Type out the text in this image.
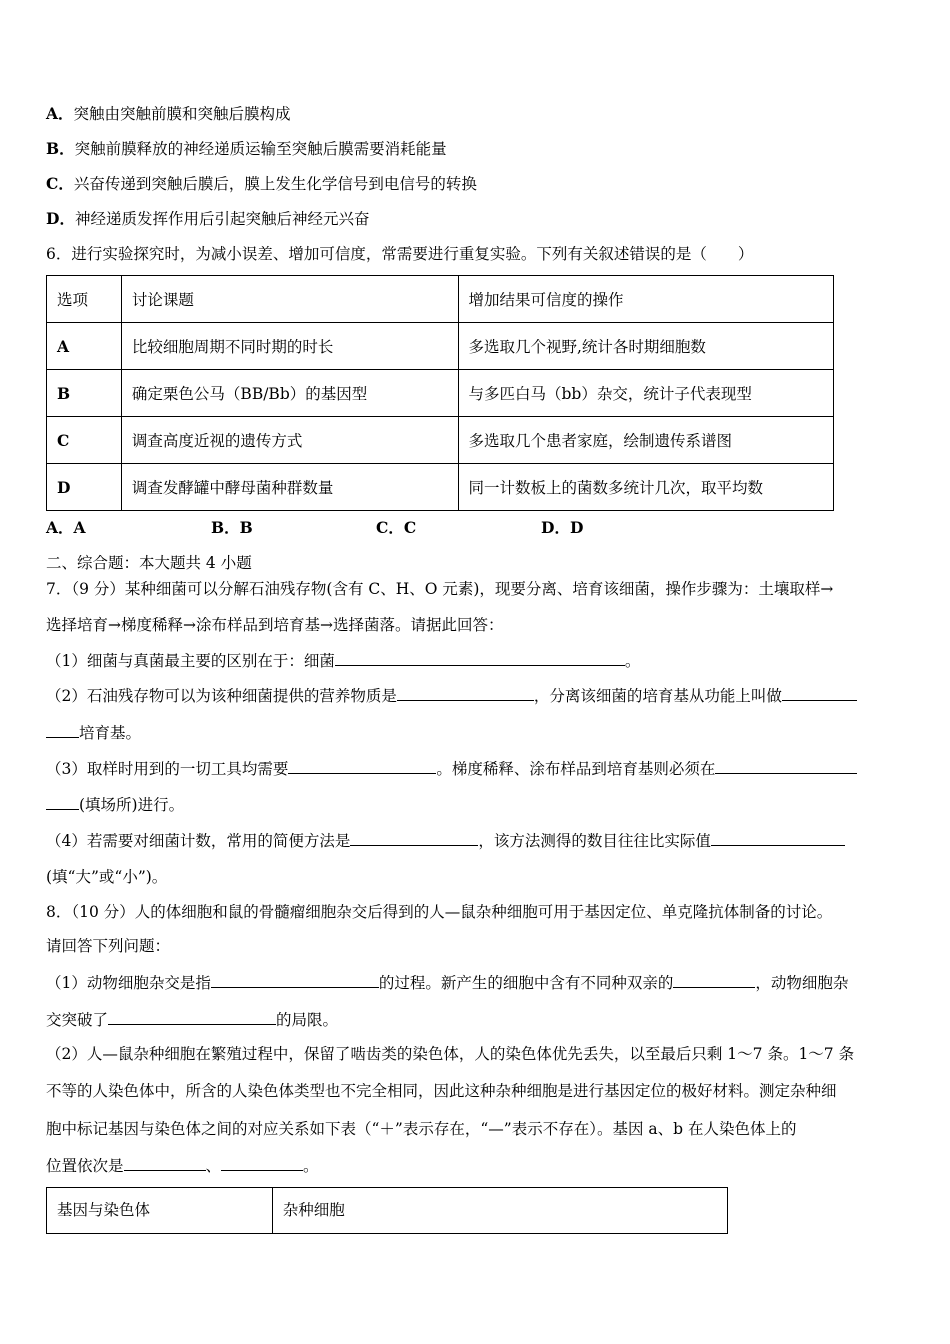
A．突触由突触前膜和突触后膜构成
B．突触前膜释放的神经递质运输至突触后膜需要消耗能量
C．兴奋传递到突触后膜后，膜上发生化学信号到电信号的转换
D．神经递质发挥作用后引起突触后神经元兴奋
6．进行实验探究时，为减小误差、增加可信度，常需要进行重复实验。下列有关叙述错误的是（　　）
选项	讨论课题	增加结果可信度的操作
A	比较细胞周期不同时期的时长	多选取几个视野,统计各时期细胞数
B	确定栗色公马（BB/Bb）的基因型	与多匹白马（bb）杂交，统计子代表现型
C	调查高度近视的遗传方式	多选取几个患者家庭，绘制遗传系谱图
D	调查发酵罐中酵母菌种群数量	同一计数板上的菌数多统计几次，取平均数
A．A	B．B	C．C	D．D
二、综合题：本大题共 4 小题
7．（9 分）某种细菌可以分解石油残存物(含有 C、H、O 元素)，现要分离、培育该细菌，操作步骤为：土壤取样→
选择培育→梯度稀释→涂布样品到培育基→选择菌落。请据此回答：
（1）细菌与真菌最主要的区别在于：细菌	。
（2）石油残存物可以为该种细菌提供的营养物质是	，分离该细菌的培育基从功能上叫做
培育基。
（3）取样时用到的一切工具均需要	。梯度稀释、涂布样品到培育基则必须在
(填场所)进行。
（4）若需要对细菌计数，常用的简便方法是	，该方法测得的数目往往比实际值
(填“大”或“小”)。
8．（10 分）人的体细胞和鼠的骨髓瘤细胞杂交后得到的人—鼠杂种细胞可用于基因定位、单克隆抗体制备的讨论。
请回答下列问题：
（1）动物细胞杂交是指	的过程。新产生的细胞中含有不同种双亲的	，动物细胞杂
交突破了	的局限。
（2）人—鼠杂种细胞在繁殖过程中，保留了啮齿类的染色体，人的染色体优先丢失，以至最后只剩 1～7 条。1～7 条
不等的人染色体中，所含的人染色体类型也不完全相同，因此这种杂种细胞是进行基因定位的极好材料。测定杂种细
胞中标记基因与染色体之间的对应关系如下表（“＋”表示存在，“—”表示不存在）。基因 a、b 在人染色体上的
位置依次是	、	。
基因与染色体	杂种细胞
